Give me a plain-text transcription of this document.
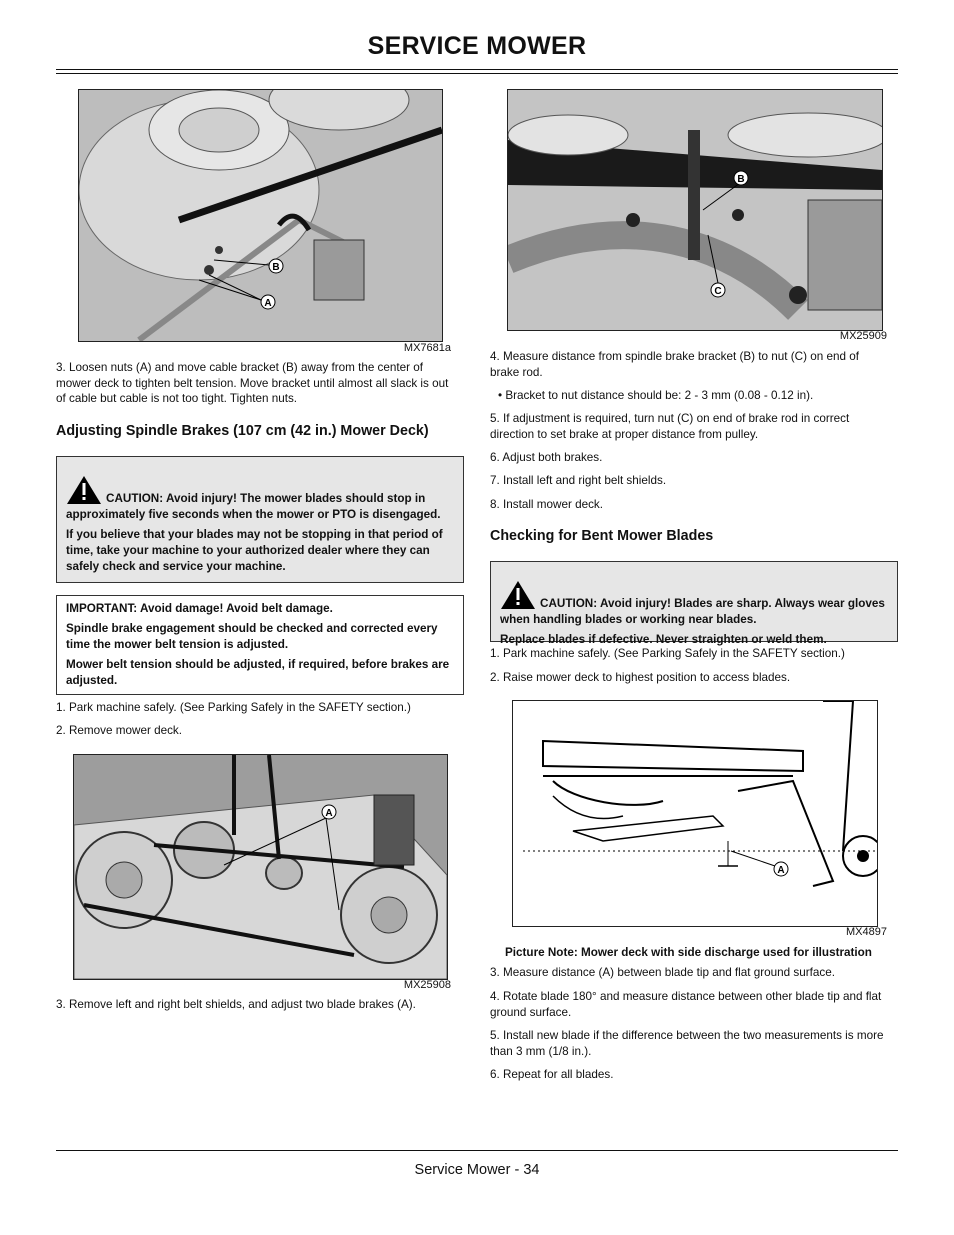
SERVICE MOWER
B
A
MX7681a
3. Loosen nuts (A) and move cable bracket (B) away from the center of mower deck to tighten belt tension. Move bracket until almost all slack is out of cable but cable is not too tight. Tighten nuts.
Adjusting Spindle Brakes (107 cm (42 in.) Mower Deck)

CAUTION: Avoid injury! The mower blades should stop in approximately five seconds when the mower or PTO is disengaged.

If you believe that your blades may not be stopping in that period of time, take your machine to your authorized dealer where they can safely check and service your machine.

IMPORTANT: Avoid damage! Avoid belt damage.

Spindle brake engagement should be checked and corrected every time the mower belt tension is adjusted.

Mower belt tension should be adjusted, if required, before brakes are adjusted.

1. Park machine safely. (See Parking Safely in the SAFETY section.)
2. Remove mower deck.
A
MX25908
3. Remove left and right belt shields, and adjust two blade brakes (A).
B
C
MX25909
4. Measure distance from spindle brake bracket (B) to nut (C) on end of brake rod.
• Bracket to nut distance should be: 2 - 3 mm (0.08 - 0.12 in).
5. If adjustment is required, turn nut (C) on end of brake rod in correct direction to set brake at proper distance from pulley.
6. Adjust both brakes.
7. Install left and right belt shields.
8. Install mower deck.
Checking for Bent Mower Blades

CAUTION: Avoid injury! Blades are sharp. Always wear gloves when handling blades or working near blades.

Replace blades if defective. Never straighten or weld them.

1. Park machine safely. (See Parking Safely in the SAFETY section.)
2. Raise mower deck to highest position to access blades.
A
MX4897
Picture Note: Mower deck with side discharge used for illustration
3. Measure distance (A) between blade tip and flat ground surface.
4. Rotate blade 180° and measure distance between other blade tip and flat ground surface.
5. Install new blade if the difference between the two measurements is more than 3 mm (1/8 in.).
6. Repeat for all blades.
Service Mower - 34
